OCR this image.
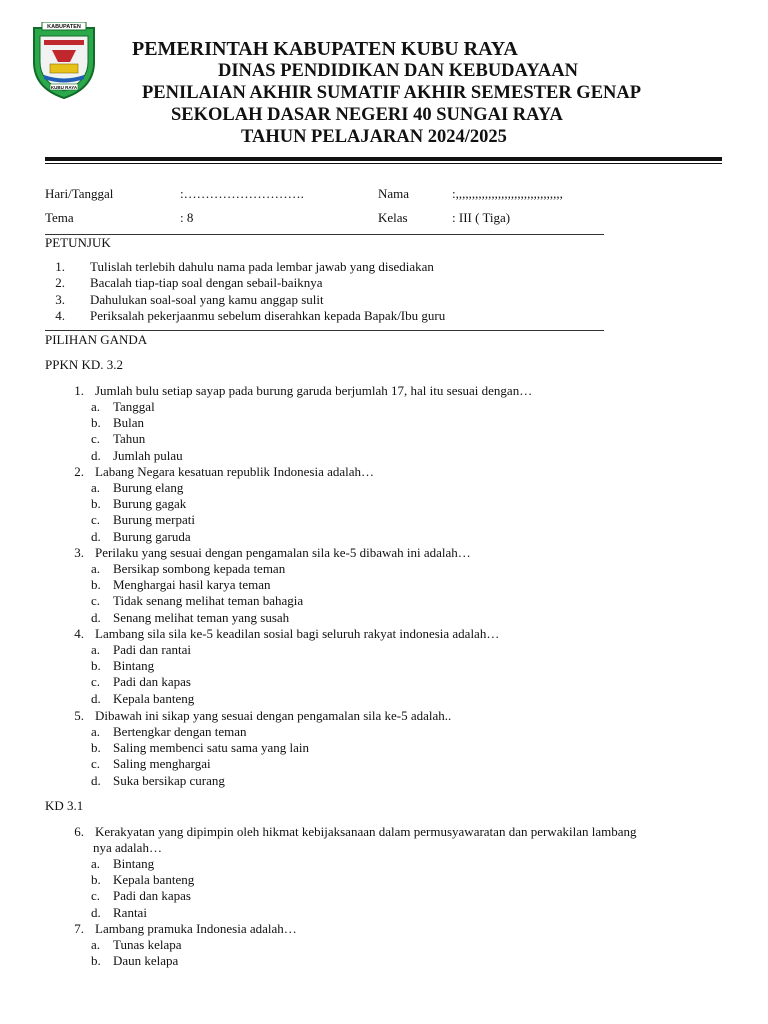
KABUPATEN
KUBU RAYA
PEMERINTAH KABUPATEN KUBU RAYA
DINAS PENDIDIKAN DAN KEBUDAYAAN
PENILAIAN AKHIR SUMATIF AKHIR SEMESTER GENAP
SEKOLAH DASAR NEGERI 40 SUNGAI RAYA
TAHUN PELAJARAN 2024/2025
Hari/Tanggal	:……………………….	Nama	:,,,,,,,,,,,,,,,,,,,,,,,,,,,,,,,,,
Tema	: 8	Kelas	: III ( Tiga)
PETUNJUK
1. Tulislah terlebih dahulu nama pada lembar jawab yang disediakan
2. Bacalah tiap-tiap soal dengan sebail-baiknya
3. Dahulukan soal-soal yang kamu anggap sulit
4. Periksalah pekerjaanmu sebelum diserahkan kepada Bapak/Ibu guru
PILIHAN GANDA
PPKN KD. 3.2
1. Jumlah bulu setiap sayap pada burung garuda berjumlah 17, hal itu sesuai dengan…
a. Tanggal
b. Bulan
c. Tahun
d. Jumlah pulau
2. Labang Negara kesatuan republik Indonesia adalah…
a. Burung elang
b. Burung gagak
c. Burung merpati
d. Burung garuda
3. Perilaku yang sesuai dengan pengamalan sila ke-5 dibawah ini adalah…
a. Bersikap sombong kepada teman
b. Menghargai hasil karya teman
c. Tidak senang melihat teman bahagia
d. Senang melihat teman yang susah
4. Lambang sila sila ke-5 keadilan sosial bagi seluruh rakyat indonesia adalah…
a. Padi dan rantai
b. Bintang
c. Padi dan kapas
d. Kepala banteng
5. Dibawah ini sikap yang sesuai dengan pengamalan sila ke-5 adalah..
a. Bertengkar dengan teman
b. Saling membenci satu sama yang lain
c. Saling menghargai
d. Suka bersikap curang
KD 3.1
6. Kerakyatan yang dipimpin oleh hikmat kebijaksanaan dalam permusyawaratan dan perwakilan lambang
nya adalah…
a. Bintang
b. Kepala banteng
c. Padi dan kapas
d. Rantai
7. Lambang pramuka Indonesia adalah…
a. Tunas kelapa
b. Daun kelapa
